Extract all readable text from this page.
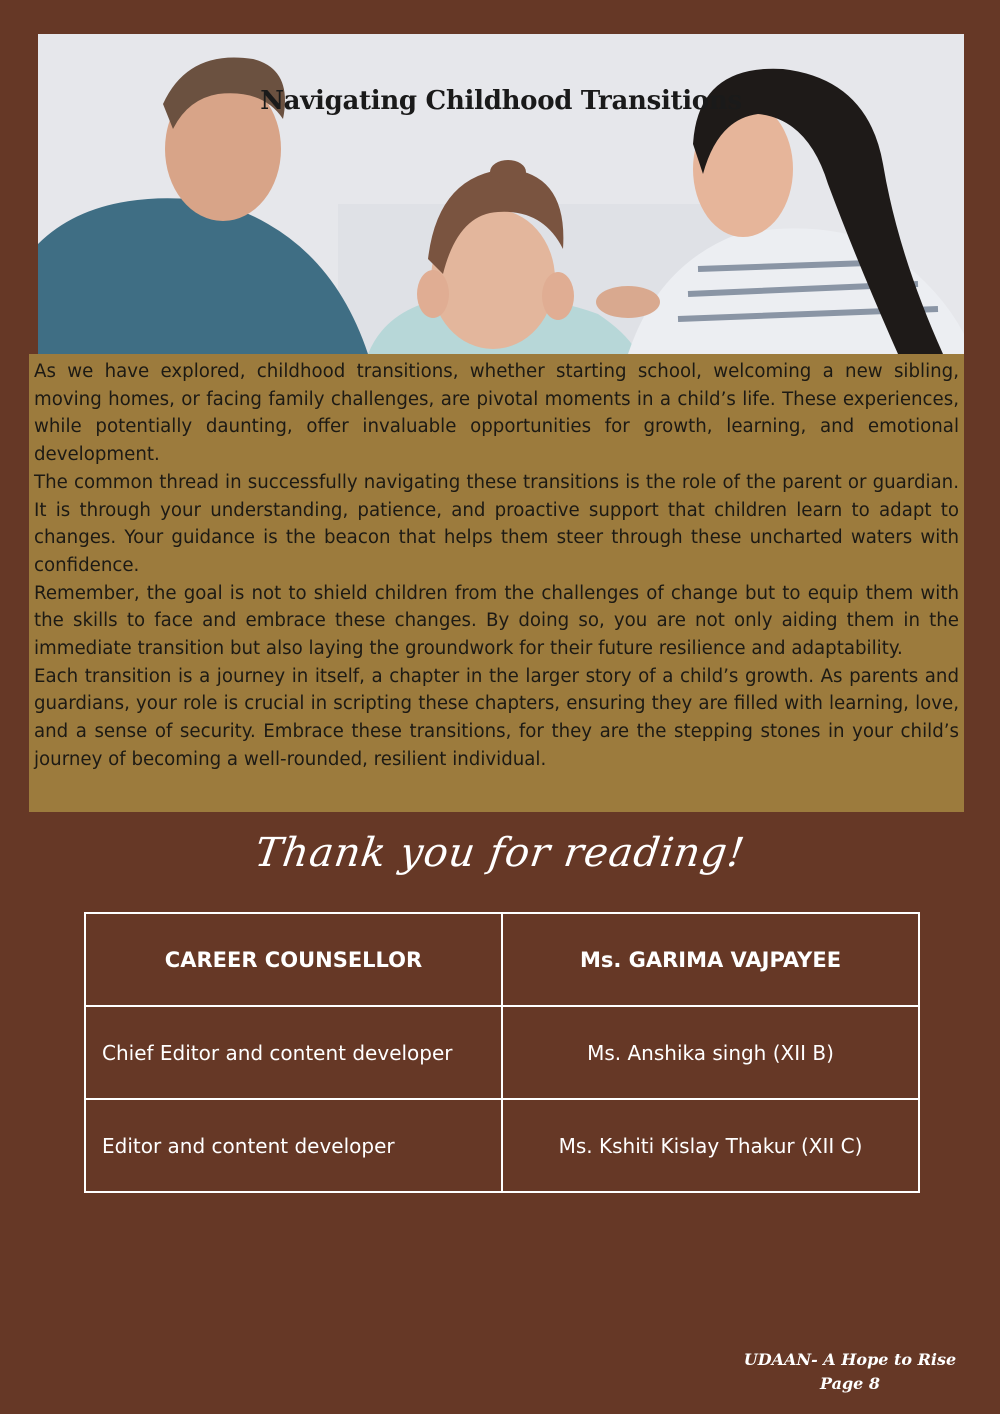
Navigating Childhood Transitions

As we have explored, childhood transitions, whether starting school, welcoming a new sibling, moving homes, or facing family challenges, are pivotal moments in a child’s life. These experiences, while potentially daunting, offer invaluable opportunities for growth, learning, and emotional development.

The common thread in successfully navigating these transitions is the role of the parent or guardian. It is through your understanding, patience, and proactive support that children learn to adapt to changes. Your guidance is the beacon that helps them steer through these uncharted waters with confidence.

Remember, the goal is not to shield children from the challenges of change but to equip them with the skills to face and embrace these changes. By doing so, you are not only aiding them in the immediate transition but also laying the groundwork for their future resilience and adaptability.

Each transition is a journey in itself, a chapter in the larger story of a child’s growth. As parents and guardians, your role is crucial in scripting these chapters, ensuring they are filled with learning, love, and a sense of security. Embrace these transitions, for they are the stepping stones in your child’s journey of becoming a well-rounded, resilient individual.

Thank you for reading!
CAREER COUNSELLOR	Ms. GARIMA VAJPAYEE
Chief Editor and content developer	Ms. Anshika singh (XII B)
Editor and content developer	Ms. Kshiti Kislay Thakur (XII C)
UDAAN- A Hope to Rise
Page 8
